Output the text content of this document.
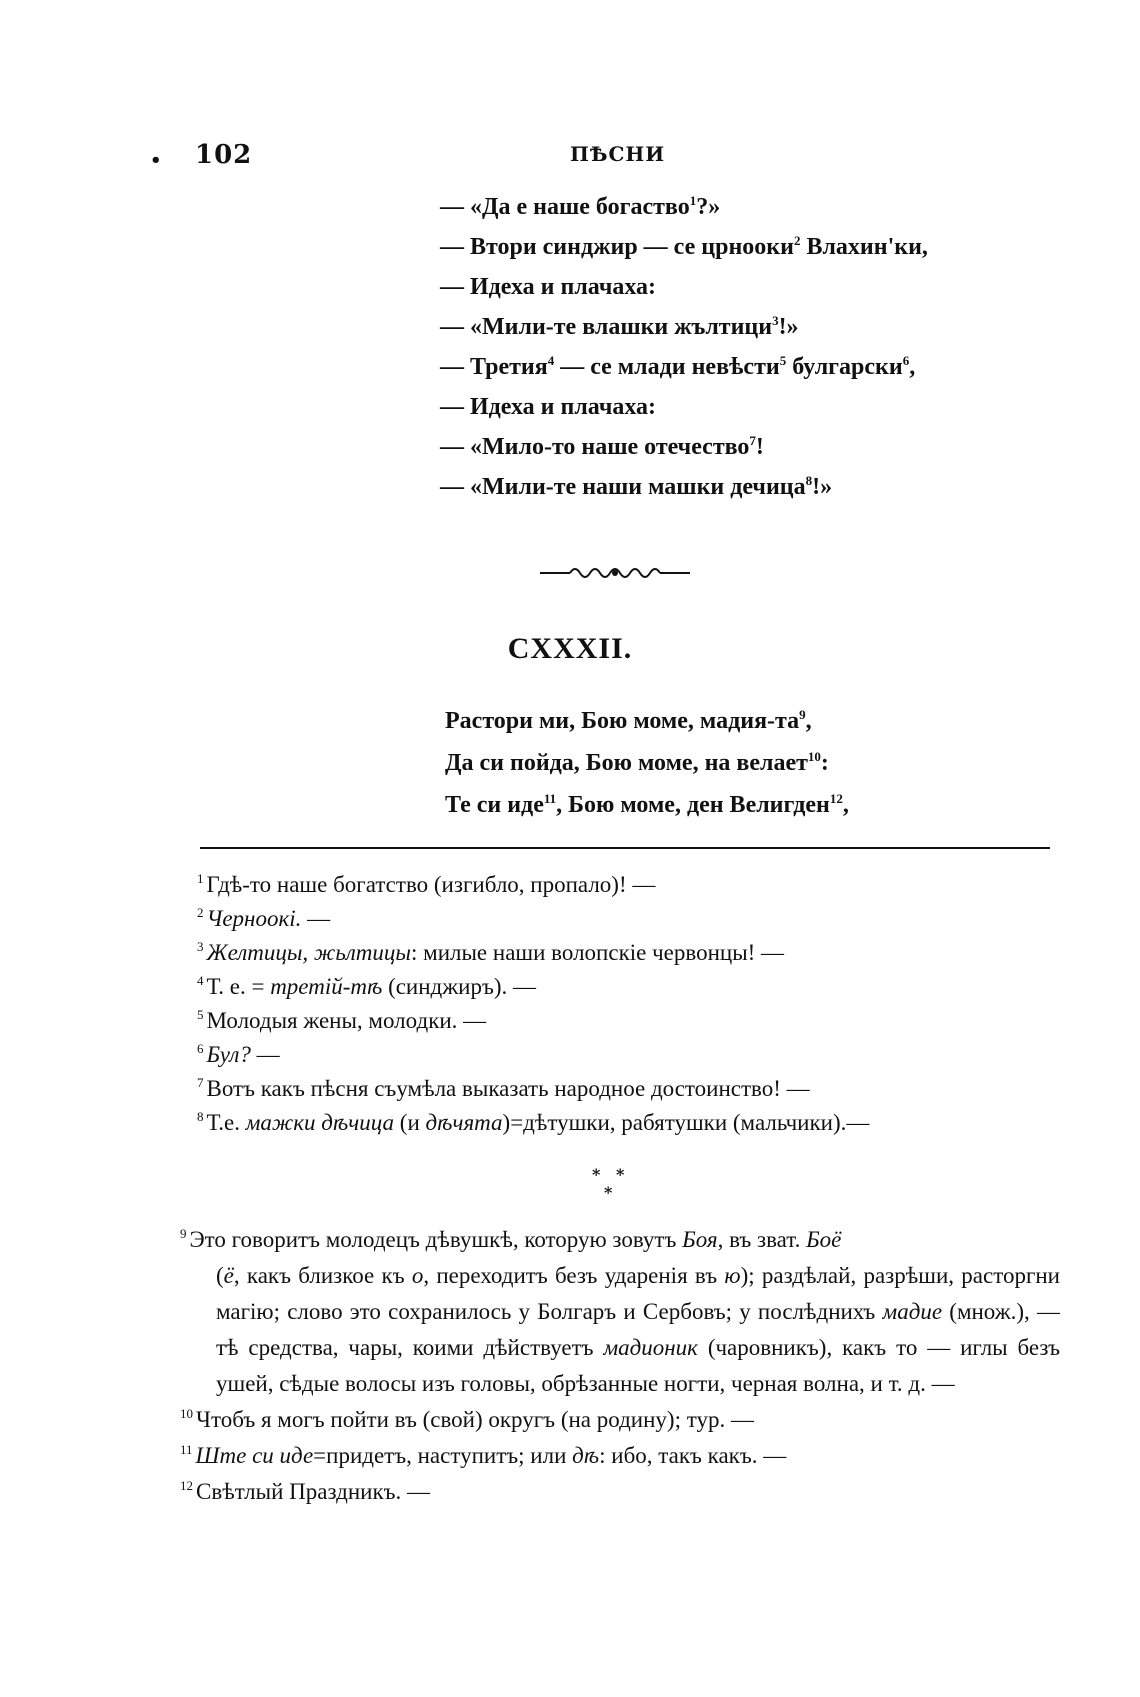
• 102	ПѢСНИ
— «Да е наше богаство$^1$?»
— Втори синджир — се црнооки$^2$ Влахин'ки,
— Идеха и плачаха:
— «Мили-те влашки жълтици$^3$!»
— Третия$^4$ — се млади невѣсти$^5$ булгарски$^6$,
— Идеха и плачаха:
— «Мило-то наше отечество$^7$!
— «Мили-те наши машки дечица$^8$!»
CXXXII.
Растори ми, Бою моме, мадия-$та^9$,
Да си пойда, Бою моме, на велает$^{10}$:
Те си иде$^{11}$, Бою моме, ден Велигден$^{12}$,
$^1$ Гдѣ-то наше богатство (изгибло, пропало)! —
$^2$ Черноокі. —
$^3$ Желтицы, жьлтицы: милые наши волопскіе червонцы! —
$^4$ Т. е. = третій-тѣ (синджиръ). —
$^5$ Молодыя жены, молодки. —
$^6$ Бул? —
$^7$ Вотъ какъ пѣсня съумѣла выказать народное достоинство! —
$^8$ Т.е. мажки дѣчица (и дѣчята)=дѣтушки, рабятушки (мальчики).—
* *
*
$^9$ Это говоритъ молодецъ дѣвушкѣ, которую зовутъ Боя, въ зват. Боё
(ё, какъ близкое къ о, переходитъ безъ ударенія въ ю); раздѣлай, разрѣши, расторгни магію; слово это сохранилось у Болгаръ и Сербовъ; у послѣднихъ мадие (множ.), — тѣ средства, чары, коими дѣйствуетъ мадионик (чаровникъ), какъ то — иглы безъ ушей, сѣдые волосы изъ головы, обрѣзанные ногти, черная волна, и т. д. —
$^{10}$ Чтобъ я могъ пойти въ (свой) округъ (на родину); тур. —
$^{11}$ Ште си иде=придетъ, наступитъ; или дѣ: ибо, такъ какъ. —
$^{12}$ Свѣтлый Праздникъ. —
